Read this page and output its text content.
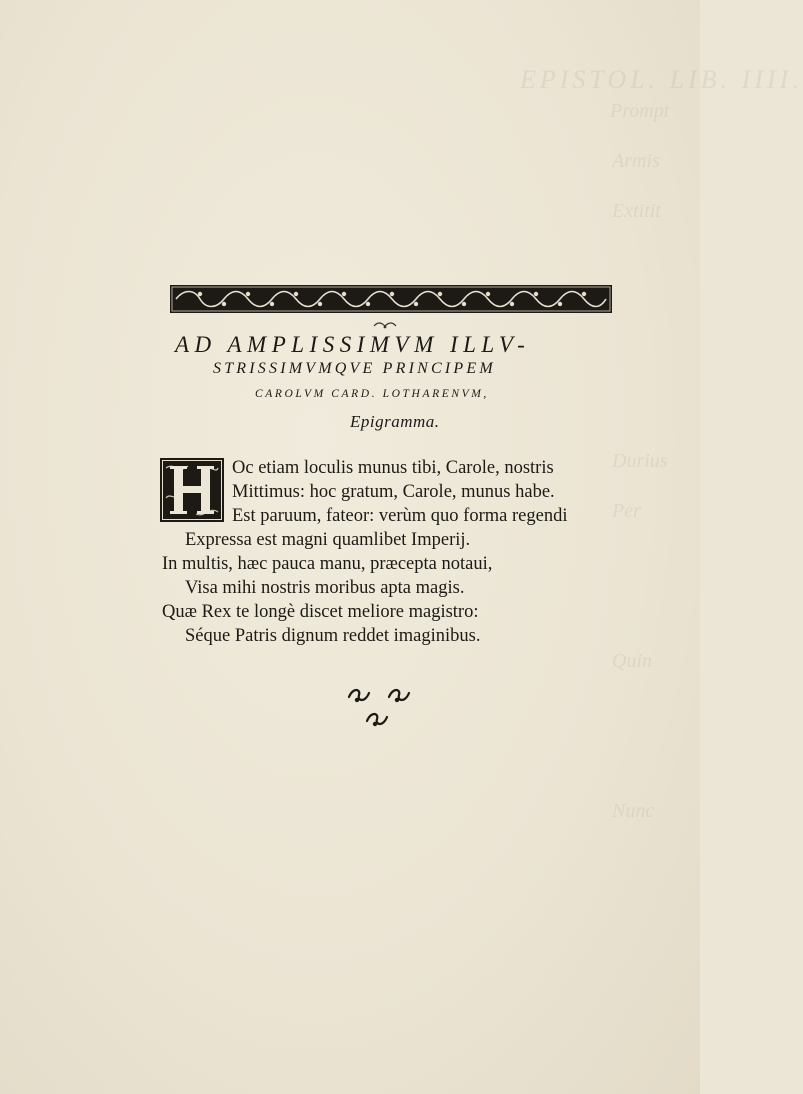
EPISTOL. LIB. IIII.
Prompt
Armis
Extitit
Durius
Per
Quin
Nunc
AD AMPLISSIMVM ILLV-
STRISSIMVMQVE PRINCIPEM
CAROLVM CARD. LOTHARENVM,
Epigramma.
Oc etiam loculis munus tibi, Carole, nostris
Mittimus: hoc gratum, Carole, munus habe.
Est paruum, fateor: verùm quo forma regendi
Expressa est magni quamlibet Imperij.
In multis, hæc pauca manu, præcepta notaui,
Visa mihi nostris moribus apta magis.
Quæ Rex te longè discet meliore magistro:
Séque Patris dignum reddet imaginibus.
